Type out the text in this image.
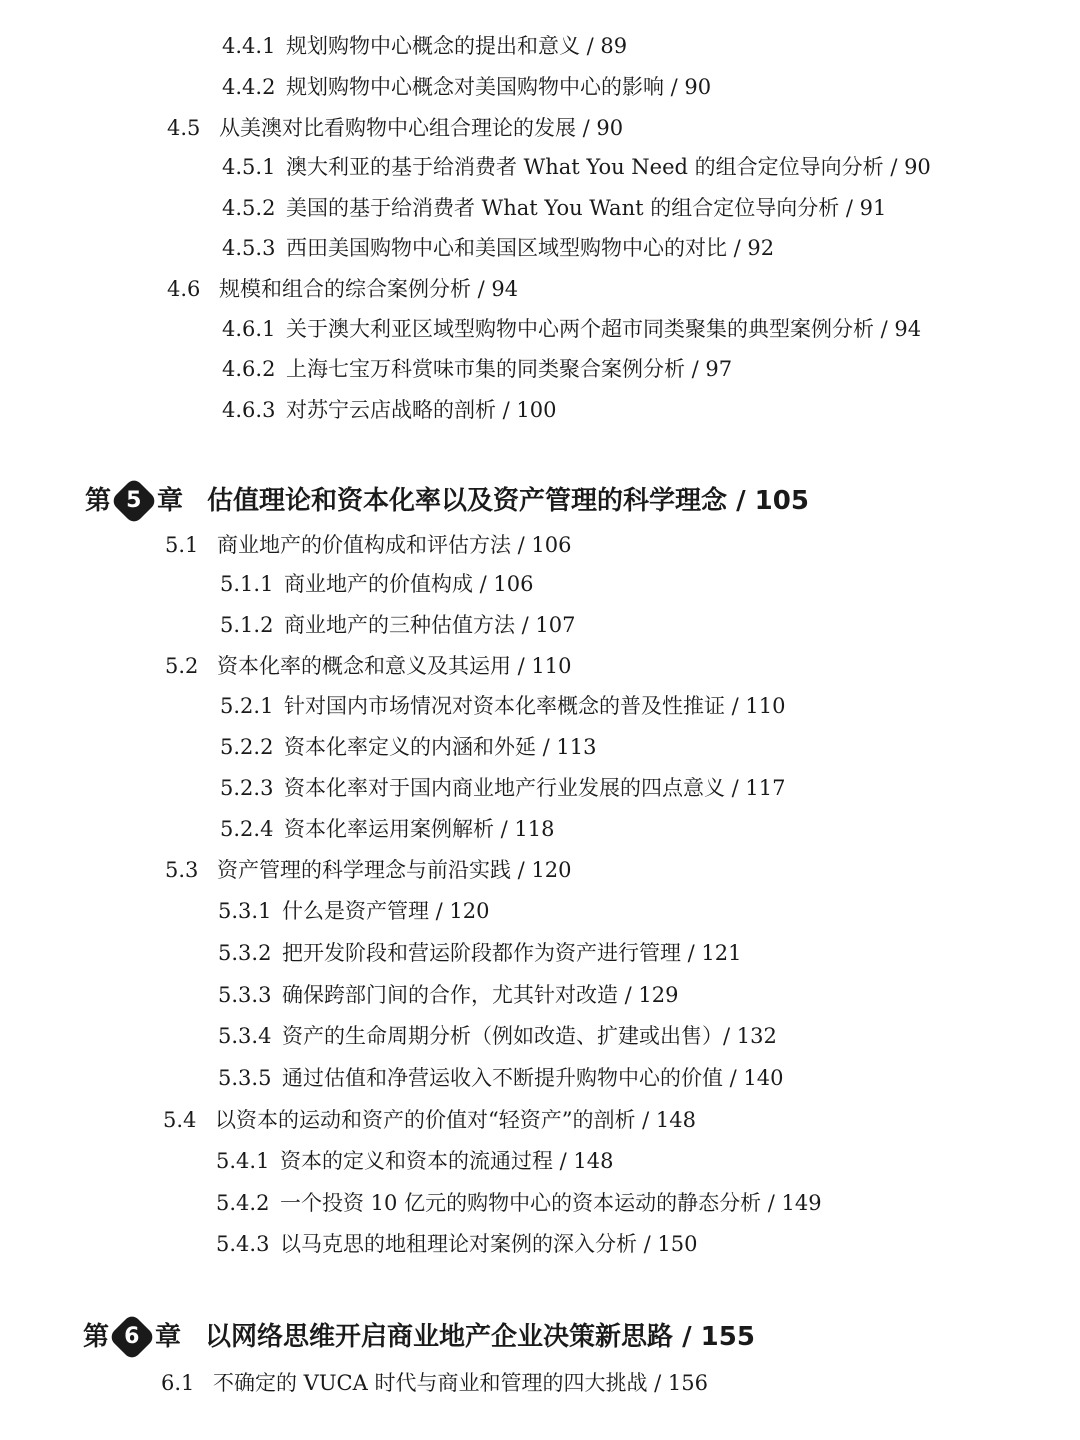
4.4.1 规划购物中心概念的提出和意义 / 89
4.4.2 规划购物中心概念对美国购物中心的影响 / 90
4.5 从美澳对比看购物中心组合理论的发展 / 90
4.5.1 澳大利亚的基于给消费者 What You Need 的组合定位导向分析 / 90
4.5.2 美国的基于给消费者 What You Want 的组合定位导向分析 / 91
4.5.3 西田美国购物中心和美国区域型购物中心的对比 / 92
4.6 规模和组合的综合案例分析 / 94
4.6.1 关于澳大利亚区域型购物中心两个超市同类聚集的典型案例分析 / 94
4.6.2 上海七宝万科赏味市集的同类聚合案例分析 / 97
4.6.3 对苏宁云店战略的剖析 / 100
第 5 章 估值理论和资本化率以及资产管理的科学理念 / 105
5.1 商业地产的价值构成和评估方法 / 106
5.1.1 商业地产的价值构成 / 106
5.1.2 商业地产的三种估值方法 / 107
5.2 资本化率的概念和意义及其运用 / 110
5.2.1 针对国内市场情况对资本化率概念的普及性推证 / 110
5.2.2 资本化率定义的内涵和外延 / 113
5.2.3 资本化率对于国内商业地产行业发展的四点意义 / 117
5.2.4 资本化率运用案例解析 / 118
5.3 资产管理的科学理念与前沿实践 / 120
5.3.1 什么是资产管理 / 120
5.3.2 把开发阶段和营运阶段都作为资产进行管理 / 121
5.3.3 确保跨部门间的合作，尤其针对改造 / 129
5.3.4 资产的生命周期分析（例如改造、扩建或出售）/ 132
5.3.5 通过估值和净营运收入不断提升购物中心的价值 / 140
5.4 以资本的运动和资产的价值对“轻资产”的剖析 / 148
5.4.1 资本的定义和资本的流通过程 / 148
5.4.2 一个投资 10 亿元的购物中心的资本运动的静态分析 / 149
5.4.3 以马克思的地租理论对案例的深入分析 / 150
第 6 章 以网络思维开启商业地产企业决策新思路 / 155
6.1 不确定的 VUCA 时代与商业和管理的四大挑战 / 156
